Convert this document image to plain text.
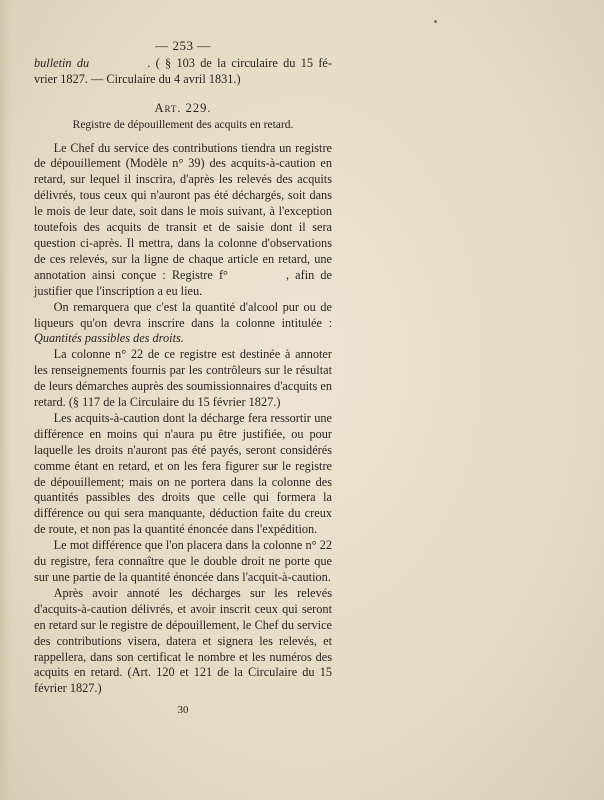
— 253 —
bulletin du	. ( § 103 de la circulaire du 15 fé- vrier 1827. — Circulaire du 4 avril 1831.)
Art. 229.
Registre de dépouillement des acquits en retard.

Le Chef du service des contributions tiendra un registre de dépouillement (Modèle n° 39) des acquits-à-caution en retard, sur lequel il inscrira, d'après les relevés des acquits délivrés, tous ceux qui n'auront pas été déchargés, soit dans le mois de leur date, soit dans le mois suivant, à l'exception toutefois des acquits de transit et de saisie dont il sera question ci-après. Il mettra, dans la colonne d'observations de ces relevés, sur la ligne de chaque article en retard, une annotation ainsi conçue : Registre f°	, afin de justifier que l'inscription a eu lieu.

On remarquera que c'est la quantité d'alcool pur ou de liqueurs qu'on devra inscrire dans la colonne intitulée : Quantités passibles des droits.

La colonne n° 22 de ce registre est destinée à annoter les renseignements fournis par les contrôleurs sur le résultat de leurs démarches auprès des soumissionnaires d'acquits en retard. (§ 117 de la Circulaire du 15 février 1827.)

Les acquits-à-caution dont la décharge fera ressortir une différence en moins qui n'aura pu être justifiée, ou pour laquelle les droits n'auront pas été payés, seront considérés comme étant en retard, et on les fera figurer sur le registre de dépouillement; mais on ne portera dans la colonne des quantités passibles des droits que celle qui formera la différence ou qui sera manquante, déduction faite du creux de route, et non pas la quantité énoncée dans l'expédition.

Le mot différence que l'on placera dans la colonne n° 22 du registre, fera connaître que le double droit ne porte que sur une partie de la quantité énoncée dans l'acquit-à-caution.

Après avoir annoté les décharges sur les relevés d'acquits-à-caution délivrés, et avoir inscrit ceux qui seront en retard sur le registre de dépouillement, le Chef du service des contributions visera, datera et signera les relevés, et rappellera, dans son certificat le nombre et les numéros des acquits en retard. (Art. 120 et 121 de la Circulaire du 15 février 1827.)

30
